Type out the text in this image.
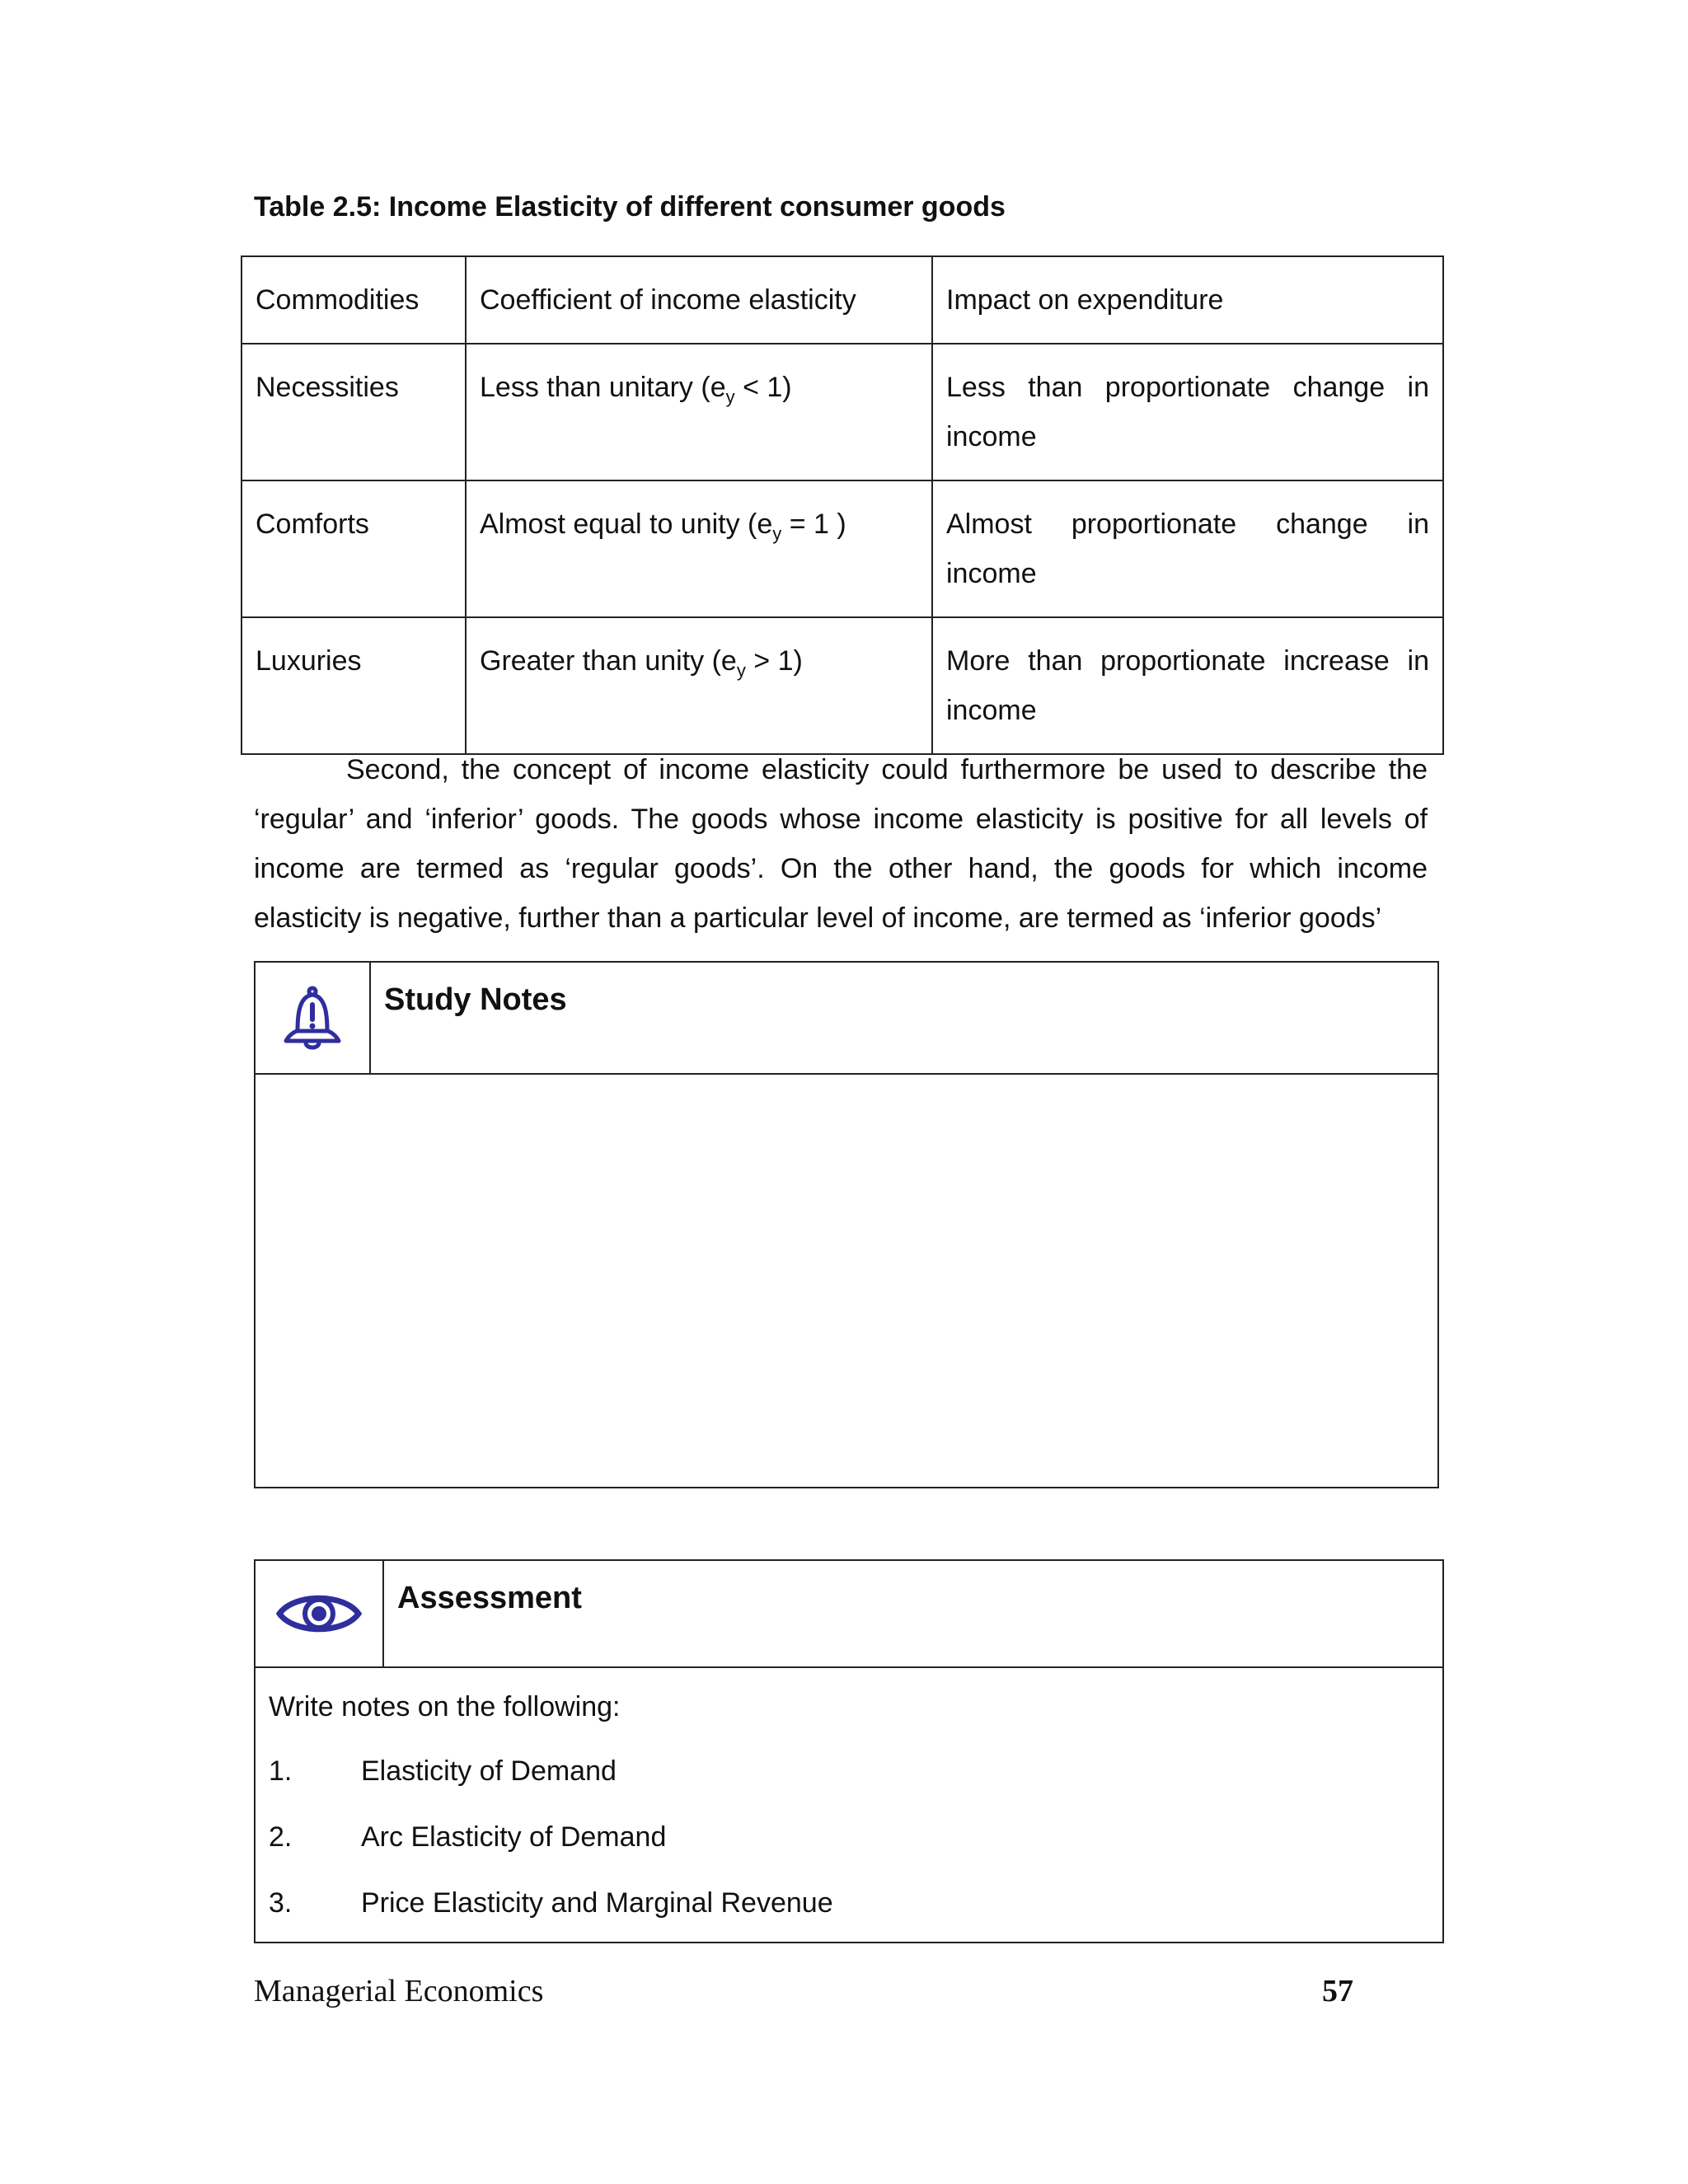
Table 2.5: Income Elasticity of different consumer goods

Commodities	Coefficient of income elasticity	Impact on expenditure
Necessities	Less than unitary $(e_y < 1)$	Less than proportionate change in income
Comforts	Almost equal to unity ($e_y = 1$ )	Almost proportionate change in income
Luxuries	Greater than unity $(e_y > 1)$	More than proportionate increase in income

Second, the concept of income elasticity could furthermore be used to describe the ‘regular’ and ‘inferior’ goods. The goods whose income elasticity is positive for all levels of income are termed as ‘regular goods’. On the other hand, the goods for which income elasticity is negative, further than a particular level of income, are termed as ‘inferior goods’

Study Notes

Assessment

Write notes on the following:

1.	Elasticity of Demand
2.	Arc Elasticity of Demand
3.	Price Elasticity and Marginal Revenue

Managerial Economics	57
